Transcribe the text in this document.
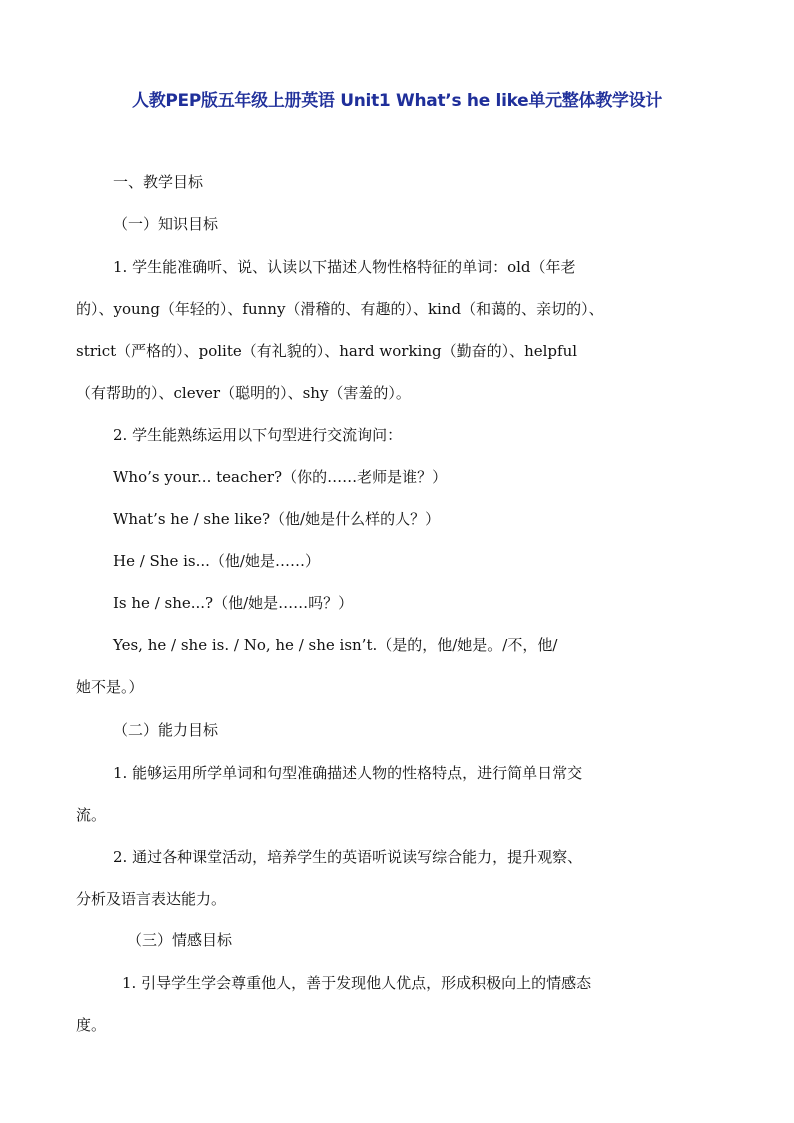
人教PEP版五年级上册英语 Unit1 What’s he like单元整体教学设计
一、教学目标
（一）知识目标
1. 学生能准确听、说、认读以下描述人物性格特征的单词：old（年老
的）、young（年轻的）、funny（滑稽的、有趣的）、kind（和蔼的、亲切的）、
strict（严格的）、polite（有礼貌的）、hard working（勤奋的）、helpful
（有帮助的）、clever（聪明的）、shy（害羞的）。
2. 学生能熟练运用以下句型进行交流询问：
Who’s your... teacher?（你的……老师是谁？）
What’s he / she like?（他/她是什么样的人？）
He / She is...（他/她是……）
Is he / she...?（他/她是……吗？）
Yes, he / she is. / No, he / she isn’t.（是的，他/她是。/不，他/
她不是。）
（二）能力目标
1. 能够运用所学单词和句型准确描述人物的性格特点，进行简单日常交
流。
2. 通过各种课堂活动，培养学生的英语听说读写综合能力，提升观察、
分析及语言表达能力。
（三）情感目标
1. 引导学生学会尊重他人，善于发现他人优点，形成积极向上的情感态
度。
